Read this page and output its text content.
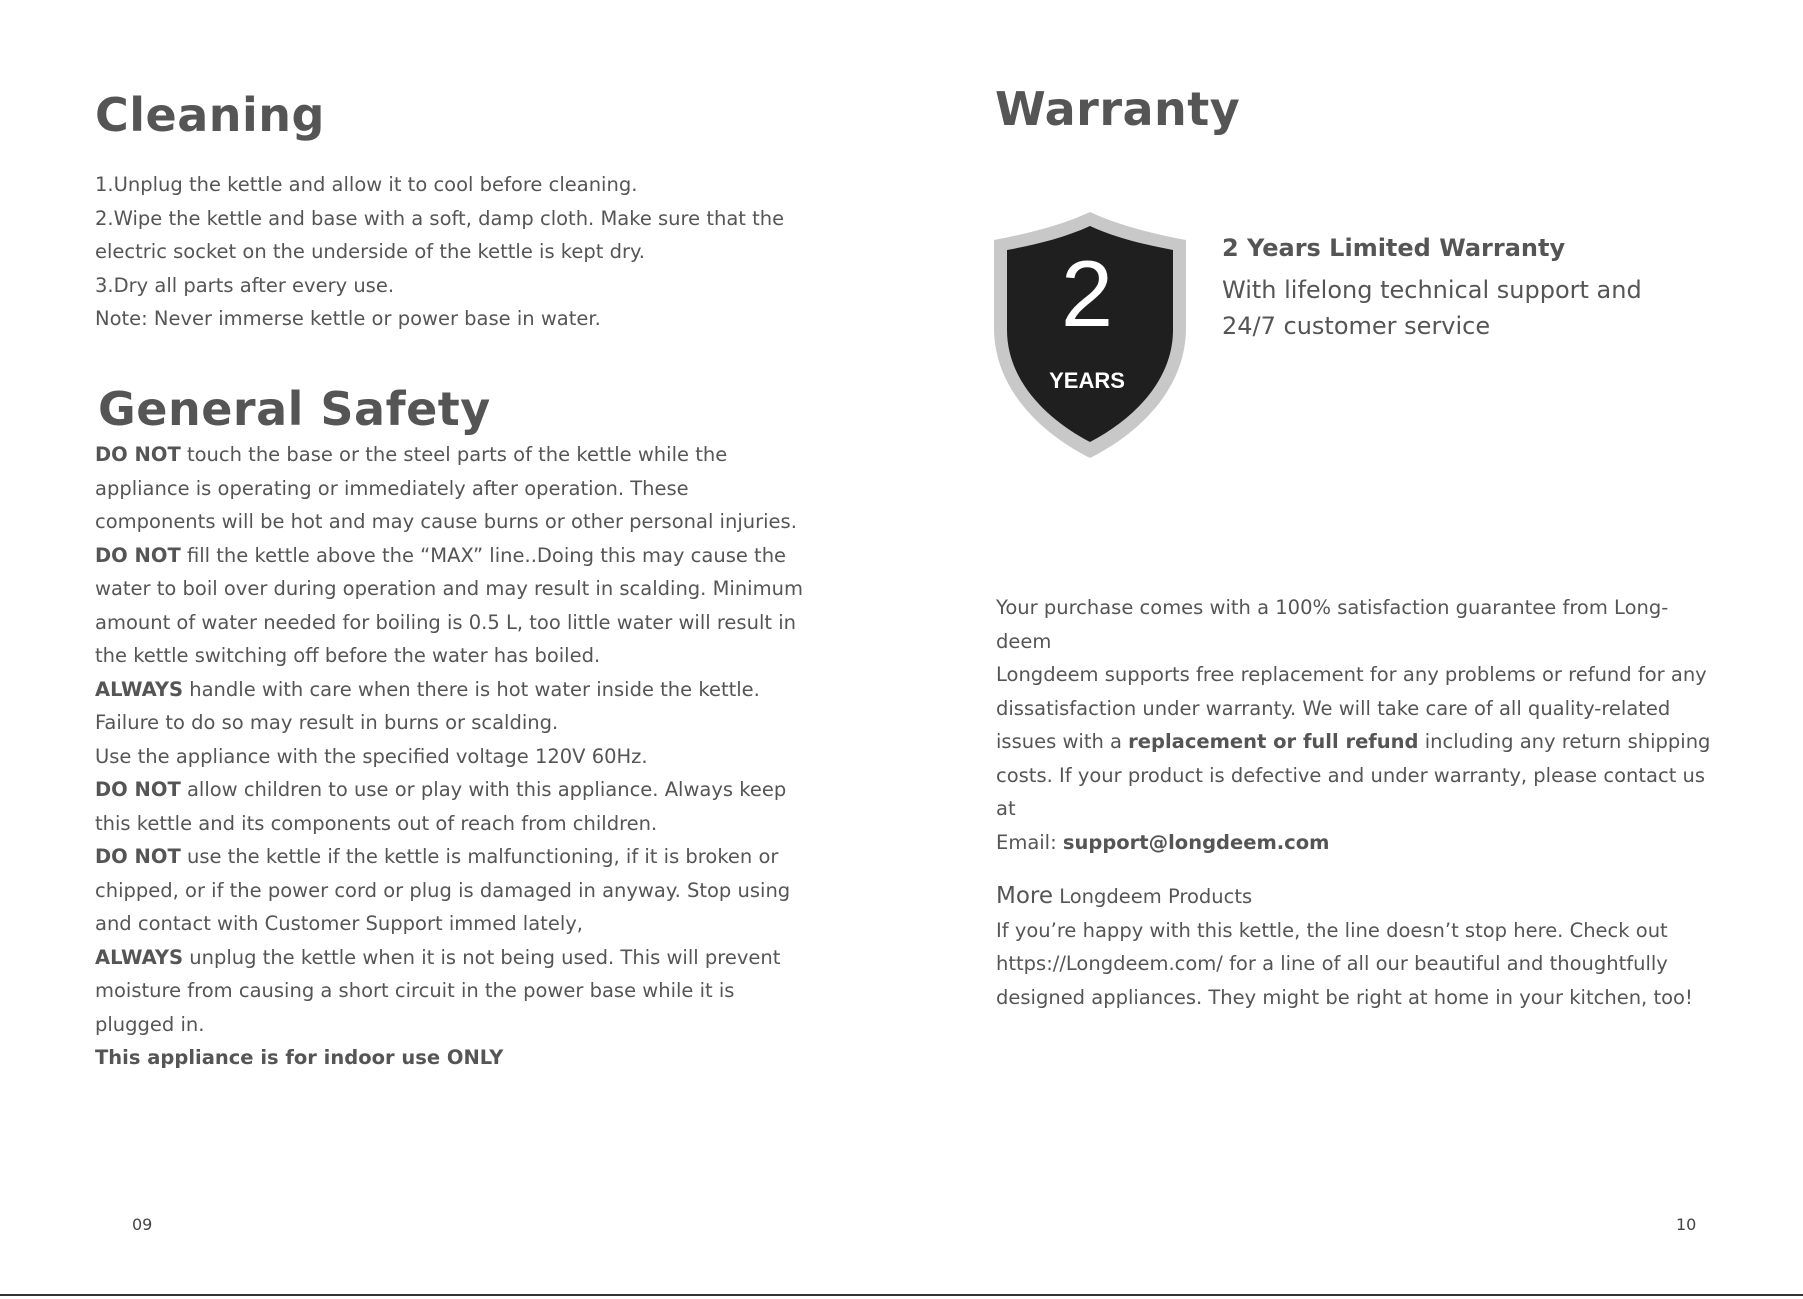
Cleaning

1.Unplug the kettle and allow it to cool before cleaning.

2.Wipe the kettle and base with a soft, damp cloth. Make sure that the electric socket on the underside of the kettle is kept dry.

3.Dry all parts after every use.

Note: Never immerse kettle or power base in water.

General Safety

DO NOT touch the base or the steel parts of the kettle while the appliance is operating or immediately after operation. These components will be hot and may cause burns or other personal injuries.

DO NOT fill the kettle above the “MAX” line..Doing this may cause the water to boil over during operation and may result in scalding. Minimum amount of water needed for boiling is 0.5 L, too little water will result in the kettle switching off before the water has boiled.

ALWAYS handle with care when there is hot water inside the kettle. Failure to do so may result in burns or scalding.

Use the appliance with the specified voltage 120V 60Hz.

DO NOT allow children to use or play with this appliance. Always keep this kettle and its components out of reach from children.

DO NOT use the kettle if the kettle is malfunctioning, if it is broken or chipped, or if the power cord or plug is damaged in anyway. Stop using and contact with Customer Support immed lately,

ALWAYS unplug the kettle when it is not being used. This will prevent moisture from causing a short circuit in the power base while it is plugged in.

This appliance is for indoor use ONLY

09
Warranty
2
YEARS
2 Years Limited Warranty
With lifelong technical support and 24/7 customer service

Your purchase comes with a 100% satisfaction guarantee from Long-deem

Longdeem supports free replacement for any problems or refund for any dissatisfaction under warranty. We will take care of all quality-related issues with a replacement or full refund including any return shipping costs. If your product is defective and under warranty, please contact us at

Email: support@longdeem.com

More Longdeem Products

If you’re happy with this kettle, the line doesn’t stop here. Check out https://Longdeem.com/ for a line of all our beautiful and thoughtfully designed appliances. They might be right at home in your kitchen, too!

10
